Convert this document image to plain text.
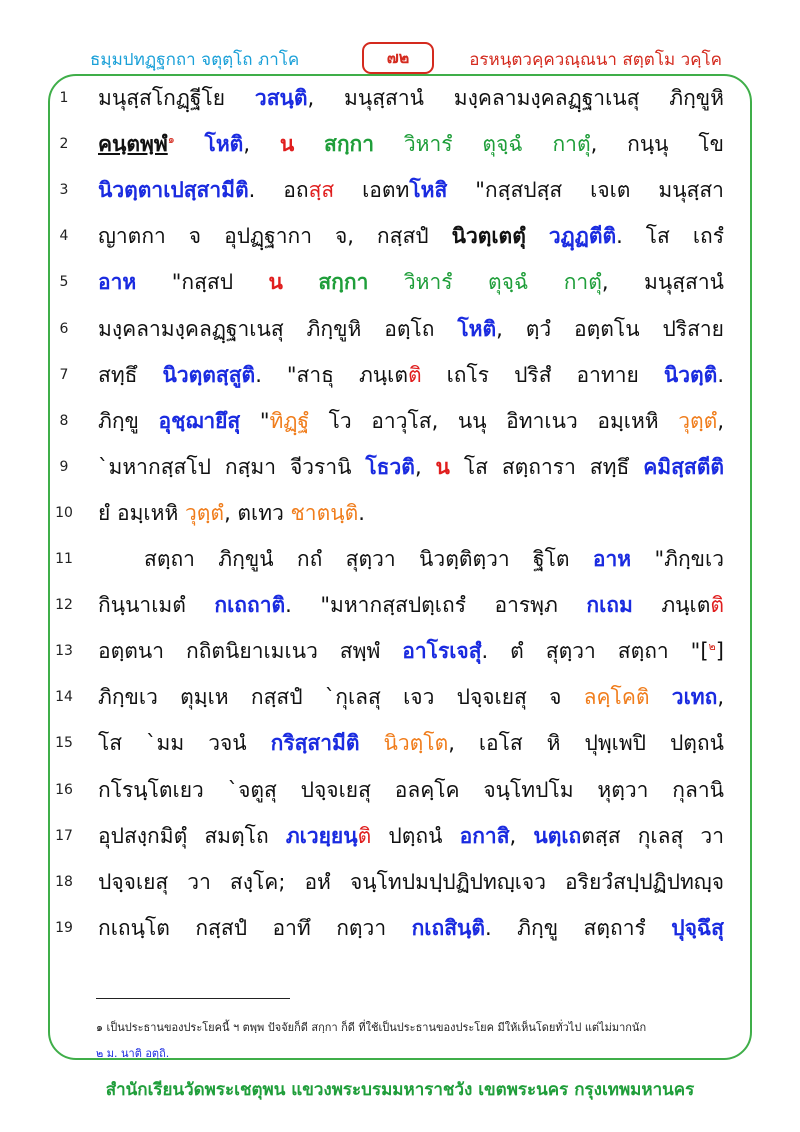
ธมฺมปทฏฺฐกถา จตุตฺโถ ภาโค	๗๒	อรหนฺตวคฺควณฺณนา สตฺตโม วคฺโค
1	มนุสฺสโกฏฺฐีโย วสนฺติ, มนุสฺสานํ มงฺคลามงฺคลฏฺฐาเนสุ ภิกฺขูหิ
2	คนฺตพฺพํ$^๑$ โหติ, น สกฺกา วิหารํ ตุจฺฉํ กาตุํ, กนฺนุ โข
3	นิวตฺตาเปสฺสามีติ. อถสฺส เอตทโหสิ "กสฺสปสฺส เจเต มนุสฺสา
4	ญาตกา จ อุปฏฺฐากา จ, กสฺสปํ นิวตฺเตตุํ วฏฺฏตีติ. โส เถรํ
5	อาห "กสฺสป น สกฺกา วิหารํ ตุจฺฉํ กาตุํ, มนุสฺสานํ
6	มงฺคลามงฺคลฏฺฐาเนสุ ภิกฺขูหิ อตฺโถ โหติ, ตฺวํ อตฺตโน ปริสาย
7	สทฺธึ นิวตฺตสฺสูติ. "สาธุ ภนฺเตติ เถโร ปริสํ อาทาย นิวตฺติ.
8	ภิกฺขู อุชฺฌายึสุ "ทิฏฺฐํ โว อาวุโส, นนุ อิทาเนว อมฺเหหิ วุตฺตํ,
9	`มหากสฺสโป กสฺมา จีวรานิ โธวติ, น โส สตฺถารา สทฺธึ คมิสฺสตีติ
10	ยํ อมฺเหหิ วุตฺตํ, ตเทว ชาตนฺติ.
11	สตฺถา ภิกฺขูนํ กถํ สุตฺวา นิวตฺติตฺวา ฐิโต อาห "ภิกฺขเว
12	กินฺนาเมตํ กเถถาติ. "มหากสฺสปตฺเถรํ อารพฺภ กเถม ภนฺเตติ
13	อตฺตนา กถิตนิยาเมเนว สพฺพํ อาโรเจสุํ. ตํ สุตฺวา สตฺถา "[$^๒$]
14	ภิกฺขเว ตุมฺเห กสฺสปํ `กุเลสุ เจว ปจฺจเยสุ จ ลคฺโคติ วเทถ,
15	โส `มม วจนํ กริสฺสามีติ นิวตฺโต, เอโส หิ ปุพฺเพปิ ปตฺถนํ
16	กโรนฺโตเยว `จตูสุ ปจฺจเยสุ อลคฺโค จนฺโทปโม หุตฺวา กุลานิ
17	อุปสงฺกมิตุํ สมตฺโถ ภเวยฺยนฺติ ปตฺถนํ อกาสิ, นตฺเถตสฺส กุเลสุ วา
18	ปจฺจเยสุ วา สงฺโค; อหํ จนฺโทปมปฺปฏิปทญฺเจว อริยวํสปฺปฏิปทญฺจ
19	กเถนฺโต กสฺสปํ อาทึ กตฺวา กเถสินฺติ. ภิกฺขู สตฺถารํ ปุจฺฉึสุ
๑ เป็นประธานของประโยคนี้ ฯ ตพฺพ ปัจจัยก็ดี สกฺกา ก็ดี ที่ใช้เป็นประธานของประโยค มีให้เห็นโดยทั่วไป แต่ไม่มากนัก
๒ ม. นาติ อตฺถิ.
สำนักเรียนวัดพระเชตุพน แขวงพระบรมมหาราชวัง เขตพระนคร กรุงเทพมหานคร
